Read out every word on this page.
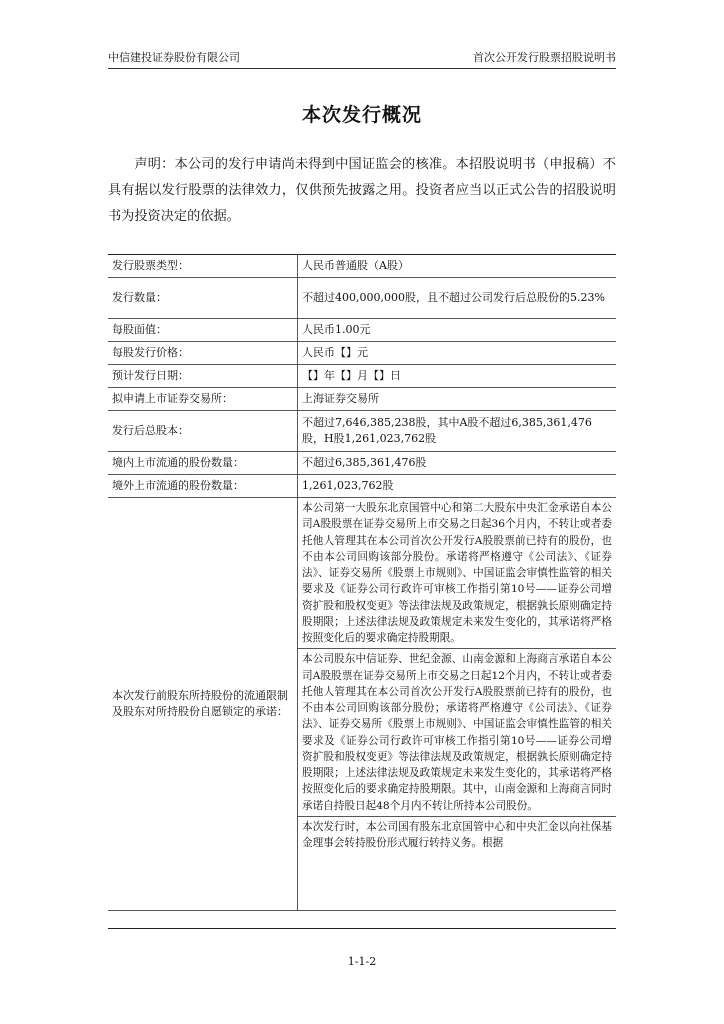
中信建投证券股份有限公司	首次公开发行股票招股说明书
本次发行概况

声明：本公司的发行申请尚未得到中国证监会的核准。本招股说明书（申报稿）不具有据以发行股票的法律效力，仅供预先披露之用。投资者应当以正式公告的招股说明书为投资决定的依据。

发行股票类型：	人民币普通股（A股）
发行数量：	不超过400,000,000股，且不超过公司发行后总股份的5.23%
每股面值：	人民币1.00元
每股发行价格：	人民币【】元
预计发行日期：	【】年【】月【】日
拟申请上市证券交易所：	上海证券交易所
发行后总股本：	不超过7,646,385,238股，其中A股不超过6,385,361,476股，H股1,261,023,762股
境内上市流通的股份数量：	不超过6,385,361,476股
境外上市流通的股份数量：	1,261,023,762股
本次发行前股东所持股份的流通限制及股东对所持股份自愿锁定的承诺：	本公司第一大股东北京国管中心和第二大股东中央汇金承诺自本公司A股股票在证券交易所上市交易之日起36个月内，不转让或者委托他人管理其在本公司首次公开发行A股股票前已持有的股份，也不由本公司回购该部分股份。承诺将严格遵守《公司法》、《证券法》、证券交易所《股票上市规则》、中国证监会审慎性监管的相关要求及《证券公司行政许可审核工作指引第10号——证券公司增资扩股和股权变更》等法律法规及政策规定，根据孰长原则确定持股期限；上述法律法规及政策规定未来发生变化的，其承诺将严格按照变化后的要求确定持股期限。

本公司股东中信证券、世纪金源、山南金源和上海商言承诺自本公司A股股票在证券交易所上市交易之日起12个月内，不转让或者委托他人管理其在本公司首次公开发行A股股票前已持有的股份，也不由本公司回购该部分股份；承诺将严格遵守《公司法》、《证券法》、证券交易所《股票上市规则》、中国证监会审慎性监管的相关要求及《证券公司行政许可审核工作指引第10号——证券公司增资扩股和股权变更》等法律法规及政策规定，根据孰长原则确定持股期限；上述法律法规及政策规定未来发生变化的，其承诺将严格按照变化后的要求确定持股期限。其中，山南金源和上海商言同时承诺自持股日起48个月内不转让所持本公司股份。

本次发行时，本公司国有股东北京国管中心和中央汇金以向社保基金理事会转持股份形式履行转持义务。根据

1-1-2
